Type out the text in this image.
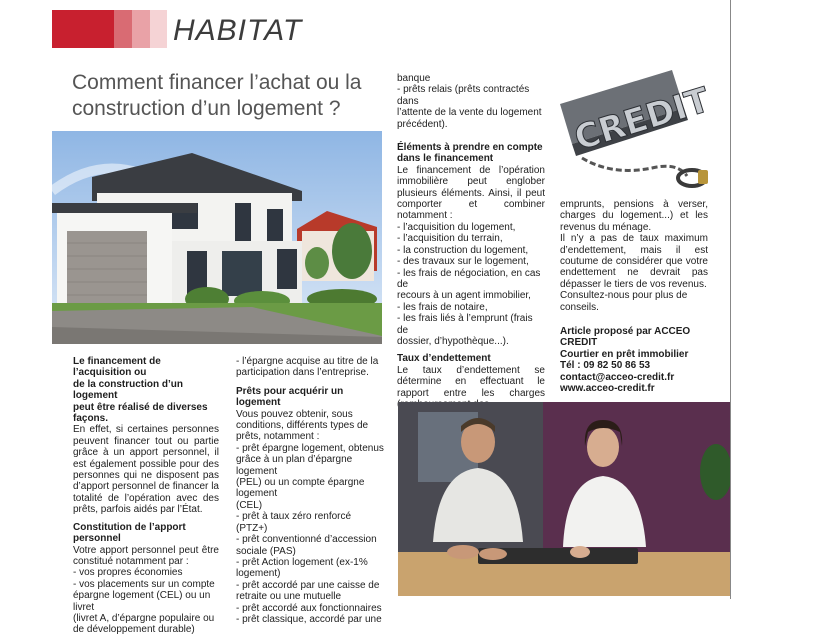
HABITAT
Comment financer l’achat ou la
construction d’un logement ?

Le financement de l’acquisition ou

de la construction d’un logement

peut être réalisé de diverses façons.

En effet, si certaines personnes peuvent financer tout ou partie grâce à un apport personnel, il est également possible pour des personnes qui ne disposent pas d’apport personnel de financer la totalité de l’opération avec des prêts, parfois aidés par l’État.

Constitution de l’apport personnel

Votre apport personnel peut être constitué notamment par :

- vos propres économies

- vos placements sur un compte

épargne logement (CEL) ou un livret

(livret A, d’épargne populaire ou

de développement durable)

- l’épargne acquise au titre de la

participation dans l’entreprise.

Prêts pour acquérir un logement

Vous pouvez obtenir, sous conditions, différents types de prêts, notamment :

- prêt épargne logement, obtenus

grâce à un plan d’épargne logement

(PEL) ou un compte épargne logement

(CEL)

- prêt à taux zéro renforcé (PTZ+)

- prêt conventionné d’accession

sociale (PAS)

- prêt Action logement (ex-1%

logement)

- prêt accordé par une caisse de

retraite ou une mutuelle

- prêt accordé aux fonctionnaires

- prêt classique, accordé par une

banque

- prêts relais (prêts contractés dans

l’attente de la vente du logement

précédent).

Éléments à prendre en compte

dans le financement

Le financement de l’opération immobilière peut englober plusieurs éléments. Ainsi, il peut comporter et combiner notamment :

- l’acquisition du logement,

- l’acquisition du terrain,

- la construction du logement,

- des travaux sur le logement,

- les frais de négociation, en cas de

recours à un agent immobilier,

- les frais de notaire,

- les frais liés à l’emprunt (frais de

dossier, d’hypothèque...).

Taux d’endettement

Le taux d’endettement se détermine en effectuant le rapport entre les charges

CREDIT

emprunts, pensions à verser, charges du logement...) et les revenus du ménage.

Il n’y a pas de taux maximum d’endettement, mais il est coutume de considérer que votre endettement ne devrait pas dépasser le tiers de vos revenus.

Consultez-nous pour plus de conseils.

Article proposé par ACCEO CREDIT

Courtier en prêt immobilier

Tél : 09 82 50 86 53

contact@acceo-credit.fr

www.acceo-credit.fr
